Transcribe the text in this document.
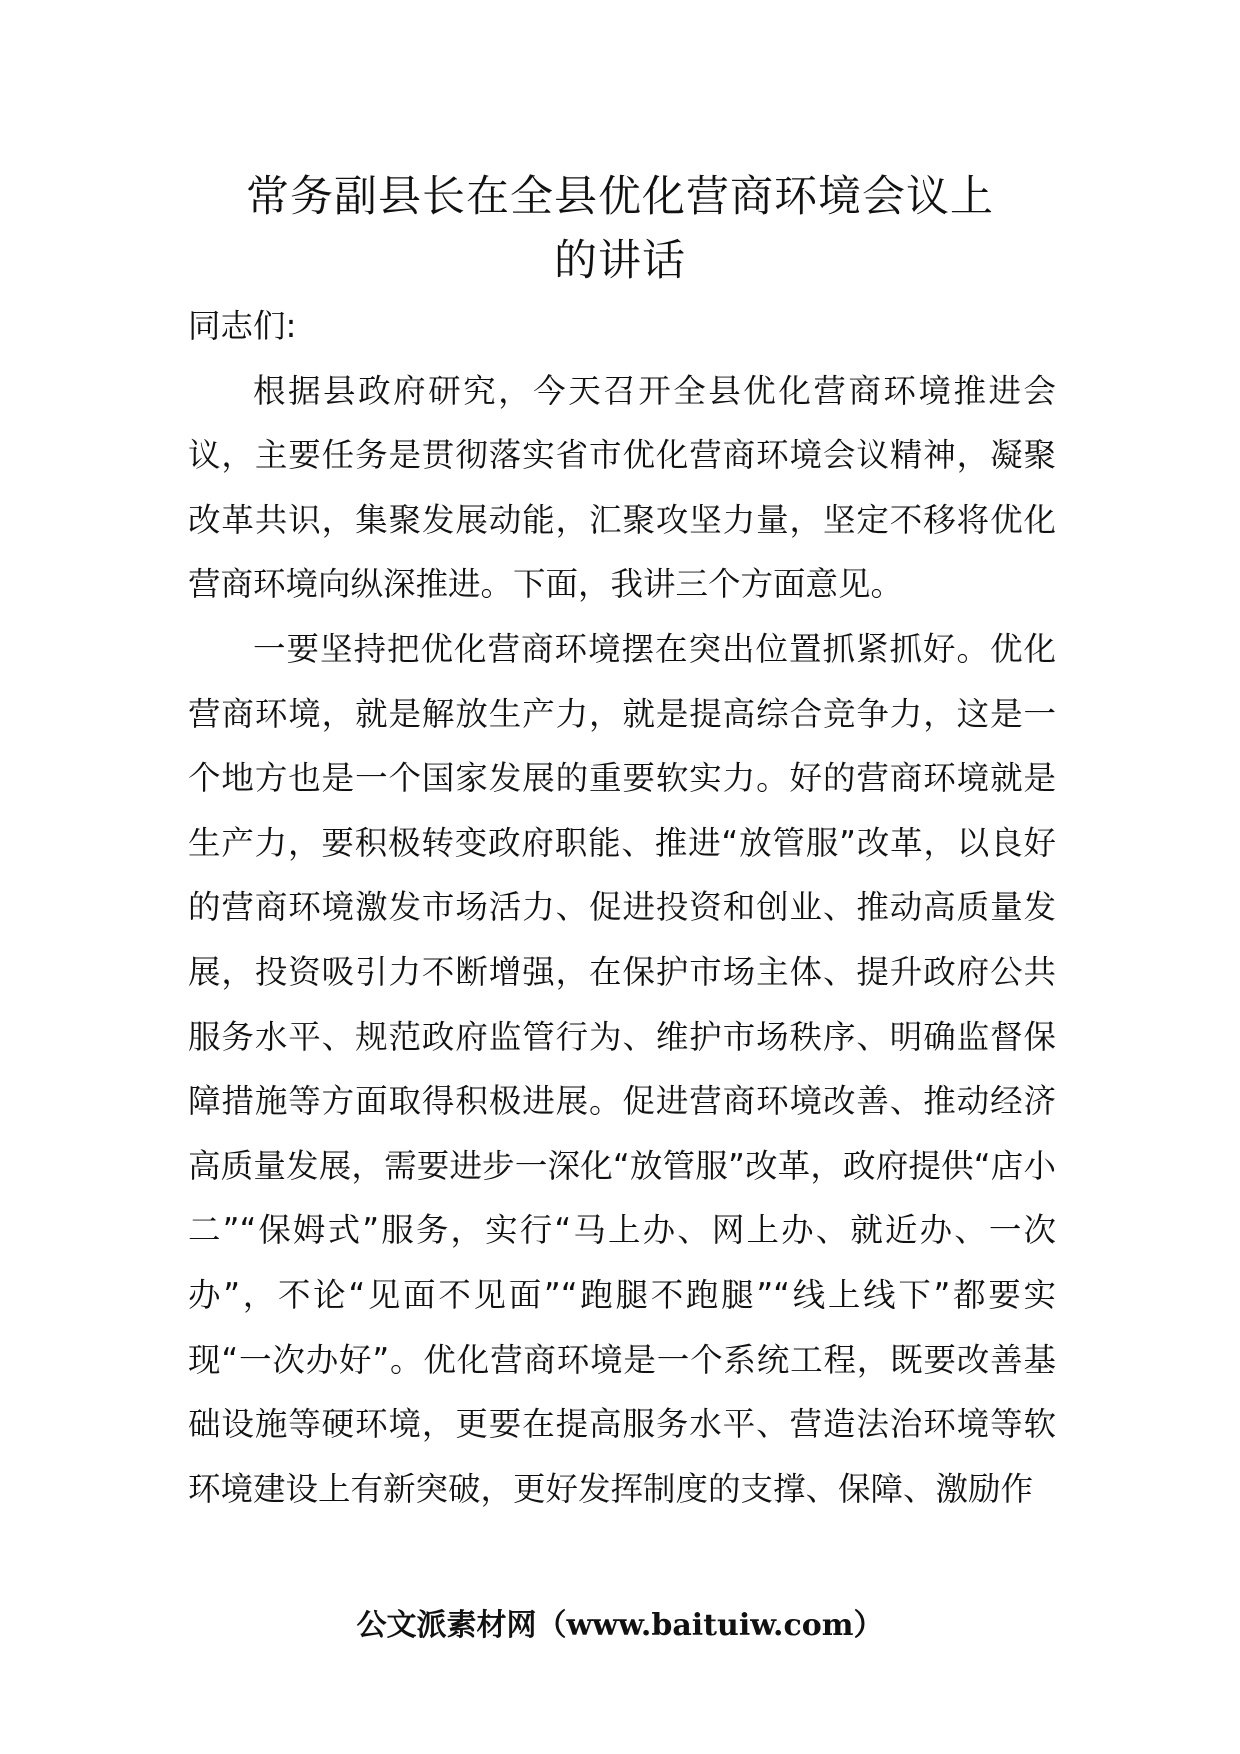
常务副县长在全县优化营商环境会议上
的讲话

同志们:

根据县政府研究，今天召开全县优化营商环境推进会议，主要任务是贯彻落实省市优化营商环境会议精神，凝聚改革共识，集聚发展动能，汇聚攻坚力量，坚定不移将优化营商环境向纵深推进。下面，我讲三个方面意见。

一要坚持把优化营商环境摆在突出位置抓紧抓好。优化营商环境，就是解放生产力，就是提高综合竞争力，这是一个地方也是一个国家发展的重要软实力。好的营商环境就是生产力，要积极转变政府职能、推进“放管服”改革，以良好的营商环境激发市场活力、促进投资和创业、推动高质量发展，投资吸引力不断增强，在保护市场主体、提升政府公共服务水平、规范政府监管行为、维护市场秩序、明确监督保障措施等方面取得积极进展。促进营商环境改善、推动经济高质量发展，需要进步一深化“放管服”改革，政府提供“店小二”“保姆式”服务，实行“马上办、网上办、就近办、一次办”，不论“见面不见面”“跑腿不跑腿”“线上线下”都要实现“一次办好”。优化营商环境是一个系统工程，既要改善基础设施等硬环境，更要在提高服务水平、营造法治环境等软环境建设上有新突破，更好发挥制度的支撑、保障、激励作

公文派素材网（www.baituiw.com）
